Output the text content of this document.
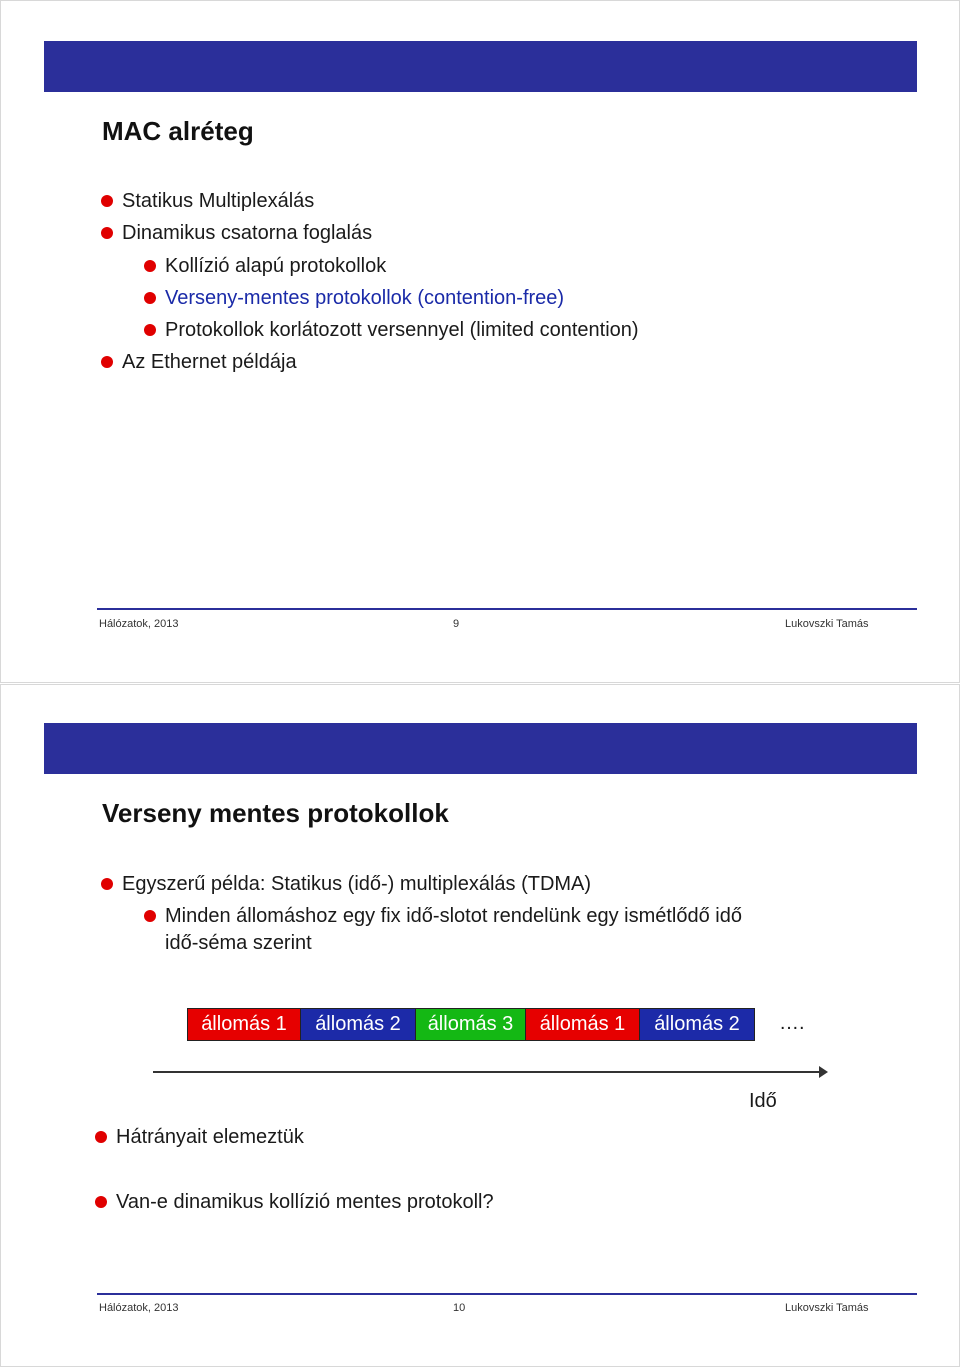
MAC alréteg
Statikus Multiplexálás
Dinamikus csatorna foglalás
Kollízió alapú protokollok
Verseny-mentes protokollok (contention-free)
Protokollok korlátozott versennyel (limited contention)
Az Ethernet példája
Hálózatok, 2013	9	Lukovszki Tamás
Verseny mentes protokollok
Egyszerű példa: Statikus (idő-) multiplexálás (TDMA)
Minden állomáshoz egy fix idő-slotot rendelünk egy ismétlődő idő
idő-séma szerint
állomás 1	állomás 2	állomás 3	állomás 1	állomás 2	….
Idő
Hátrányait elemeztük
Van-e dinamikus kollízió mentes protokoll?
Hálózatok, 2013	10	Lukovszki Tamás
